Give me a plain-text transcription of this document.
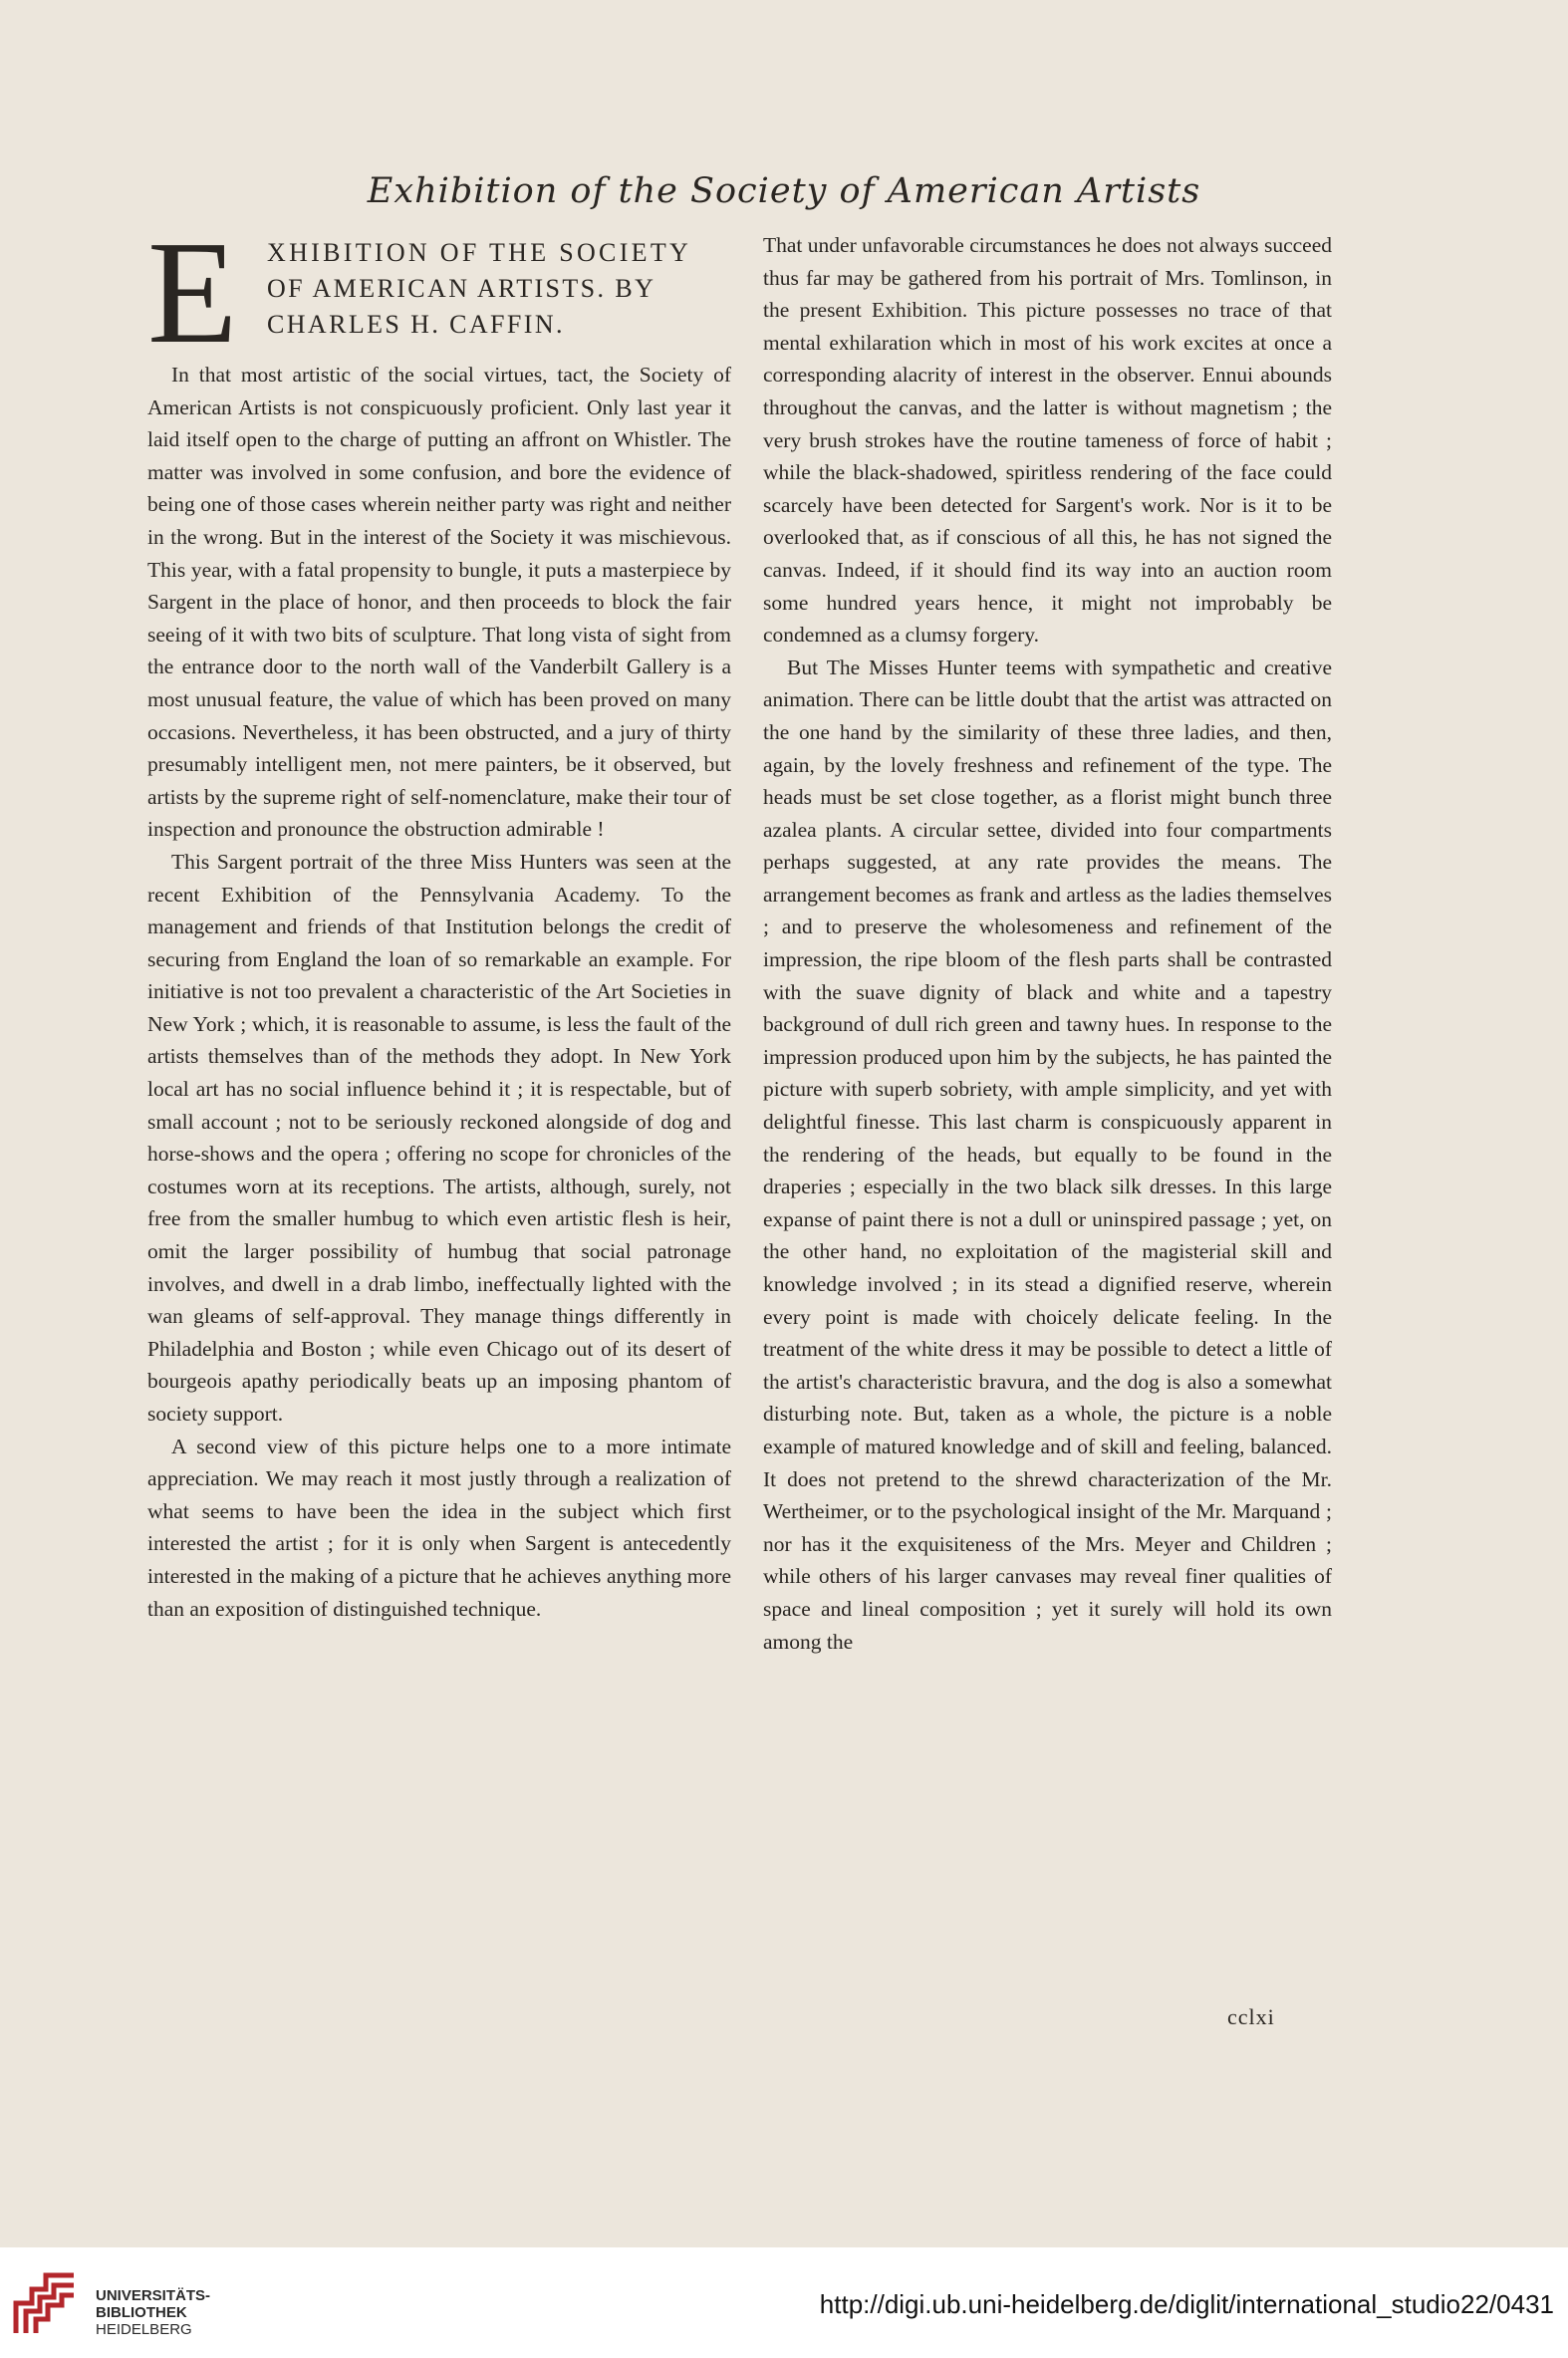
Exhibition of the Society of American Artists
E XHIBITION OF THE SOCIETY
OF AMERICAN ARTISTS. BY
CHARLES H. CAFFIN.

In that most artistic of the social virtues, tact, the Society of American Artists is not conspicuously proficient. Only last year it laid itself open to the charge of putting an affront on Whistler. The matter was involved in some confusion, and bore the evidence of being one of those cases wherein neither party was right and neither in the wrong. But in the interest of the Society it was mischievous. This year, with a fatal propensity to bungle, it puts a masterpiece by Sargent in the place of honor, and then proceeds to block the fair seeing of it with two bits of sculpture. That long vista of sight from the entrance door to the north wall of the Vanderbilt Gallery is a most unusual feature, the value of which has been proved on many occasions. Nevertheless, it has been obstructed, and a jury of thirty presumably intelligent men, not mere painters, be it observed, but artists by the supreme right of self-nomenclature, make their tour of inspection and pronounce the obstruction admirable !

This Sargent portrait of the three Miss Hunters was seen at the recent Exhibition of the Pennsylvania Academy. To the management and friends of that Institution belongs the credit of securing from England the loan of so remarkable an example. For initiative is not too prevalent a characteristic of the Art Societies in New York ; which, it is reasonable to assume, is less the fault of the artists themselves than of the methods they adopt. In New York local art has no social influence behind it ; it is respectable, but of small account ; not to be seriously reckoned alongside of dog and horse-shows and the opera ; offering no scope for chronicles of the costumes worn at its receptions. The artists, although, surely, not free from the smaller humbug to which even artistic flesh is heir, omit the larger possibility of humbug that social patronage involves, and dwell in a drab limbo, ineffectually lighted with the wan gleams of self-approval. They manage things differently in Philadelphia and Boston ; while even Chicago out of its desert of bourgeois apathy periodically beats up an imposing phantom of society support.

A second view of this picture helps one to a more intimate appreciation. We may reach it most justly through a realization of what seems to have been the idea in the subject which first interested the artist ; for it is only when Sargent is antecedently interested in the making of a picture that he achieves anything more than an exposition of distinguished technique.

That under unfavorable circumstances he does not always succeed thus far may be gathered from his portrait of Mrs. Tomlinson, in the present Exhibition. This picture possesses no trace of that mental exhilaration which in most of his work excites at once a corresponding alacrity of interest in the observer. Ennui abounds throughout the canvas, and the latter is without magnetism ; the very brush strokes have the routine tameness of force of habit ; while the black-shadowed, spiritless rendering of the face could scarcely have been detected for Sargent's work. Nor is it to be overlooked that, as if conscious of all this, he has not signed the canvas. Indeed, if it should find its way into an auction room some hundred years hence, it might not improbably be condemned as a clumsy forgery.

But The Misses Hunter teems with sympathetic and creative animation. There can be little doubt that the artist was attracted on the one hand by the similarity of these three ladies, and then, again, by the lovely freshness and refinement of the type. The heads must be set close together, as a florist might bunch three azalea plants. A circular settee, divided into four compartments perhaps suggested, at any rate provides the means. The arrangement becomes as frank and artless as the ladies themselves ; and to preserve the wholesomeness and refinement of the impression, the ripe bloom of the flesh parts shall be contrasted with the suave dignity of black and white and a tapestry background of dull rich green and tawny hues. In response to the impression produced upon him by the subjects, he has painted the picture with superb sobriety, with ample simplicity, and yet with delightful finesse. This last charm is conspicuously apparent in the rendering of the heads, but equally to be found in the draperies ; especially in the two black silk dresses. In this large expanse of paint there is not a dull or uninspired passage ; yet, on the other hand, no exploitation of the magisterial skill and knowledge involved ; in its stead a dignified reserve, wherein every point is made with choicely delicate feeling. In the treatment of the white dress it may be possible to detect a little of the artist's characteristic bravura, and the dog is also a somewhat disturbing note. But, taken as a whole, the picture is a noble example of matured knowledge and of skill and feeling, balanced. It does not pretend to the shrewd characterization of the Mr. Wertheimer, or to the psychological insight of the Mr. Marquand ; nor has it the exquisiteness of the Mrs. Meyer and Children ; while others of his larger canvases may reveal finer qualities of space and lineal composition ; yet it surely will hold its own among the

cclxi
UNIVERSITÄTS-
BIBLIOTHEK
HEIDELBERG
http://digi.ub.uni-heidelberg.de/diglit/international_studio22/0431
